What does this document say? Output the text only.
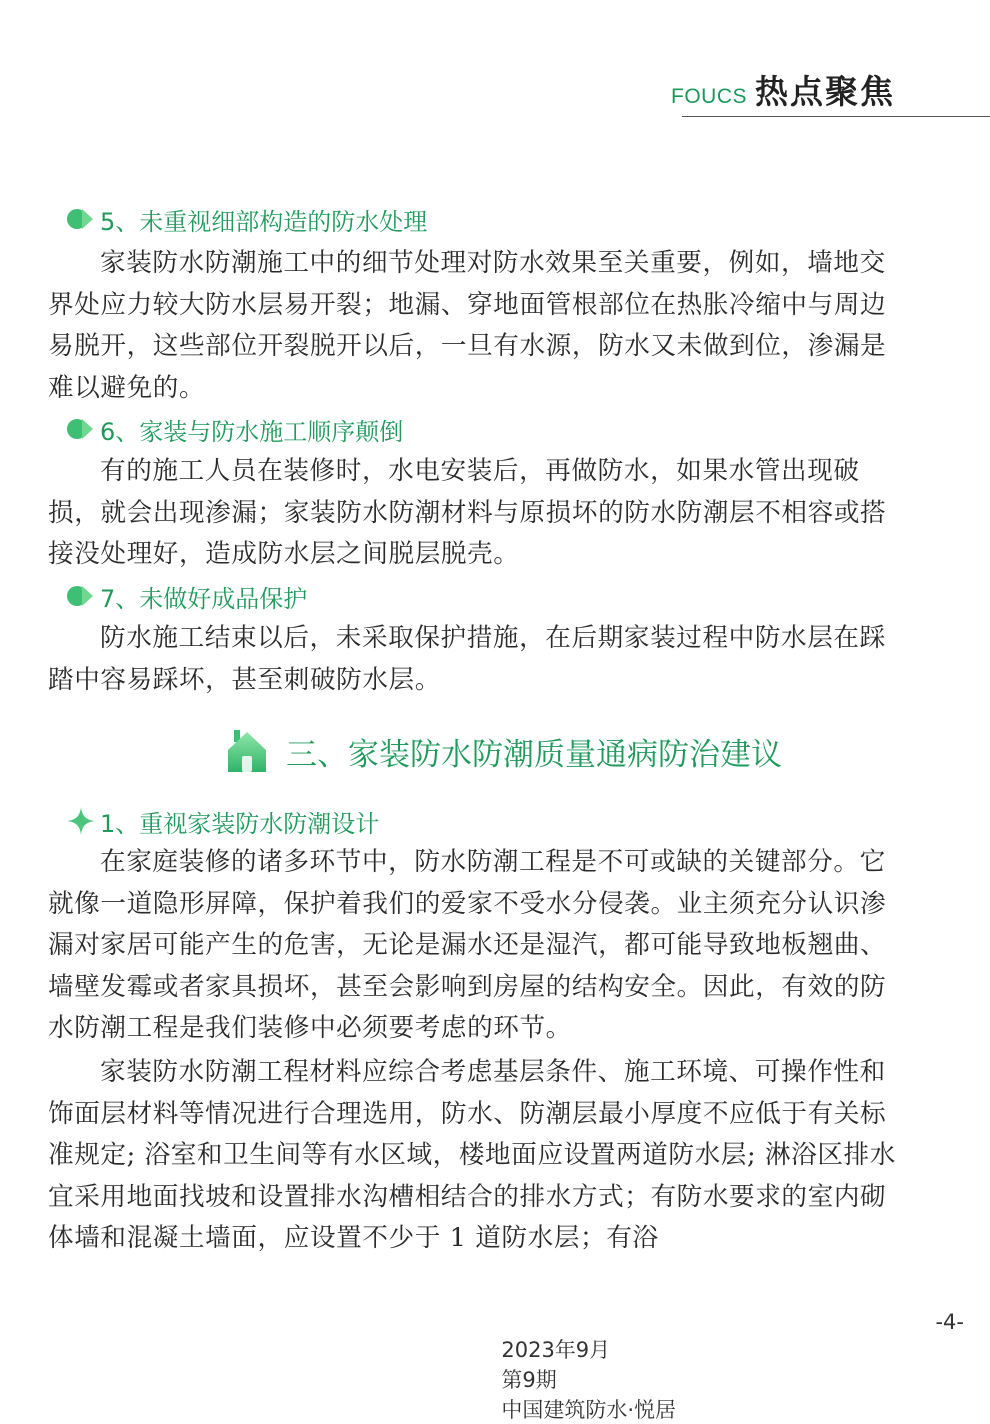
FOUCS 热点聚焦
5、未重视细部构造的防水处理

家装防水防潮施工中的细节处理对防水效果至关重要，例如，墙地交界处应力较大防水层易开裂；地漏、穿地面管根部位在热胀冷缩中与周边易脱开，这些部位开裂脱开以后，一旦有水源，防水又未做到位，渗漏是难以避免的。

6、家装与防水施工顺序颠倒

有的施工人员在装修时，水电安装后，再做防水，如果水管出现破损，就会出现渗漏；家装防水防潮材料与原损坏的防水防潮层不相容或搭接没处理好，造成防水层之间脱层脱壳。

7、未做好成品保护

防水施工结束以后，未采取保护措施，在后期家装过程中防水层在踩踏中容易踩坏，甚至刺破防水层。

三、家装防水防潮质量通病防治建议
1、重视家装防水防潮设计

在家庭装修的诸多环节中，防水防潮工程是不可或缺的关键部分。它就像一道隐形屏障，保护着我们的爱家不受水分侵袭。业主须充分认识渗漏对家居可能产生的危害，无论是漏水还是湿汽，都可能导致地板翘曲、墙壁发霉或者家具损坏，甚至会影响到房屋的结构安全。因此，有效的防水防潮工程是我们装修中必须要考虑的环节。

家装防水防潮工程材料应综合考虑基层条件、施工环境、可操作性和饰面层材料等情况进行合理选用，防水、防潮层最小厚度不应低于有关标准规定; 浴室和卫生间等有水区域，楼地面应设置两道防水层; 淋浴区排水宜采用地面找坡和设置排水沟槽相结合的排水方式；有防水要求的室内砌体墙和混凝土墙面，应设置不少于 1 道防水层；有浴

2023年9月
第9期
中国建筑防水·悦居

-4-
